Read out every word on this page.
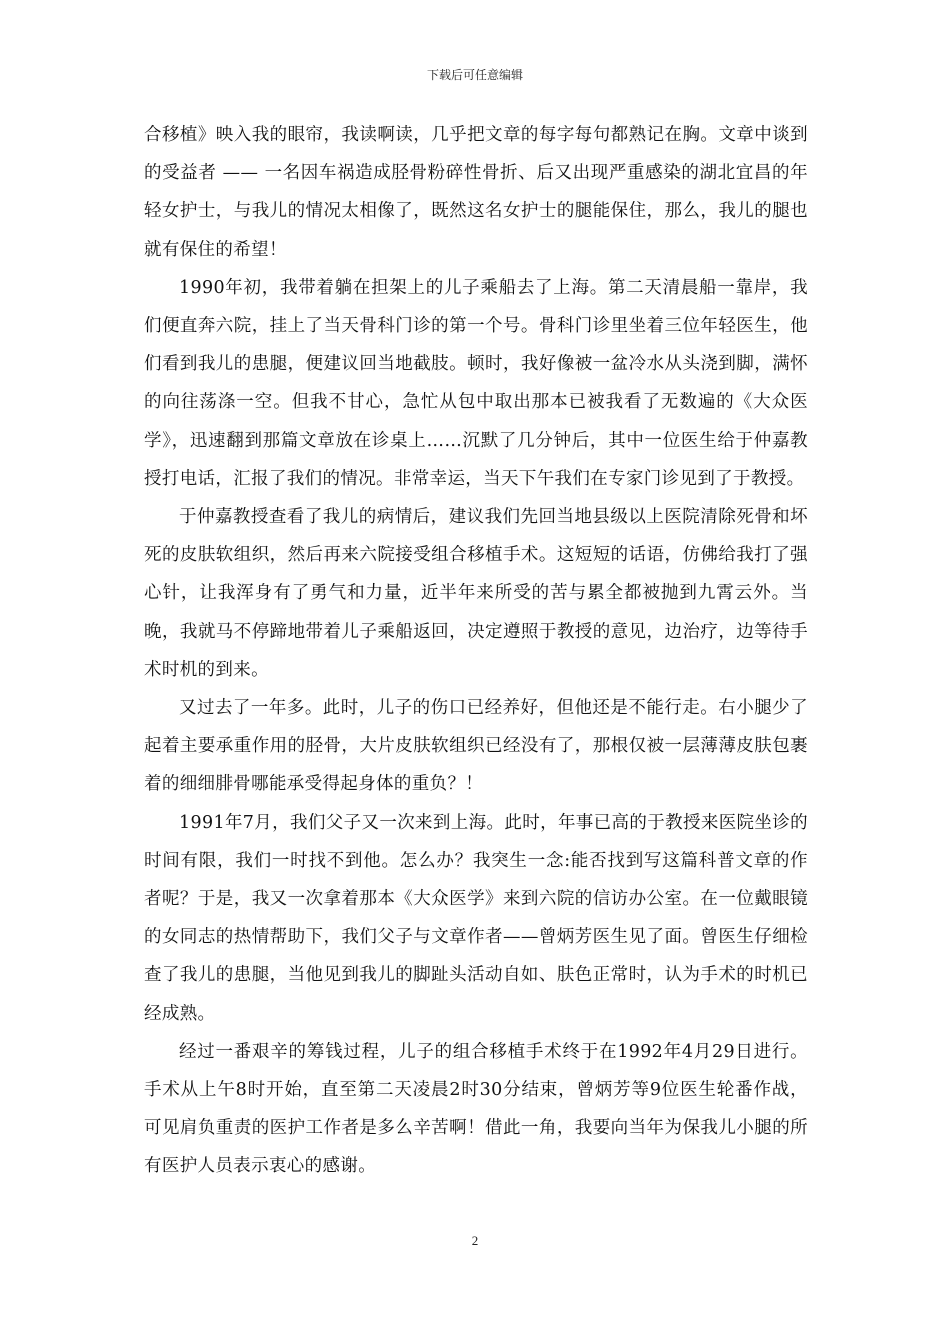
下载后可任意编辑

合移植》映入我的眼帘，我读啊读，几乎把文章的每字每句都熟记在胸。文章中谈到的受益者 —— 一名因车祸造成胫骨粉碎性骨折、后又出现严重感染的湖北宜昌的年轻女护士，与我儿的情况太相像了，既然这名女护士的腿能保住，那么，我儿的腿也就有保住的希望！

1990年初，我带着躺在担架上的儿子乘船去了上海。第二天清晨船一靠岸，我们便直奔六院，挂上了当天骨科门诊的第一个号。骨科门诊里坐着三位年轻医生，他们看到我儿的患腿，便建议回当地截肢。顿时，我好像被一盆冷水从头浇到脚，满怀的向往荡涤一空。但我不甘心，急忙从包中取出那本已被我看了无数遍的《大众医学》，迅速翻到那篇文章放在诊桌上……沉默了几分钟后，其中一位医生给于仲嘉教授打电话，汇报了我们的情况。非常幸运，当天下午我们在专家门诊见到了于教授。

于仲嘉教授查看了我儿的病情后，建议我们先回当地县级以上医院清除死骨和坏死的皮肤软组织，然后再来六院接受组合移植手术。这短短的话语，仿佛给我打了强心针，让我浑身有了勇气和力量，近半年来所受的苦与累全都被抛到九霄云外。当晚，我就马不停蹄地带着儿子乘船返回，决定遵照于教授的意见，边治疗，边等待手术时机的到来。

又过去了一年多。此时，儿子的伤口已经养好，但他还是不能行走。右小腿少了起着主要承重作用的胫骨，大片皮肤软组织已经没有了，那根仅被一层薄薄皮肤包裹着的细细腓骨哪能承受得起身体的重负？！

1991年7月，我们父子又一次来到上海。此时，年事已高的于教授来医院坐诊的时间有限，我们一时找不到他。怎么办？我突生一念:能否找到写这篇科普文章的作者呢？于是，我又一次拿着那本《大众医学》来到六院的信访办公室。在一位戴眼镜的女同志的热情帮助下，我们父子与文章作者——曾炳芳医生见了面。曾医生仔细检查了我儿的患腿，当他见到我儿的脚趾头活动自如、肤色正常时，认为手术的时机已经成熟。

经过一番艰辛的筹钱过程，儿子的组合移植手术终于在1992年4月29日进行。手术从上午8时开始，直至第二天凌晨2时30分结束，曾炳芳等9位医生轮番作战，可见肩负重责的医护工作者是多么辛苦啊！借此一角，我要向当年为保我儿小腿的所有医护人员表示衷心的感谢。

2
